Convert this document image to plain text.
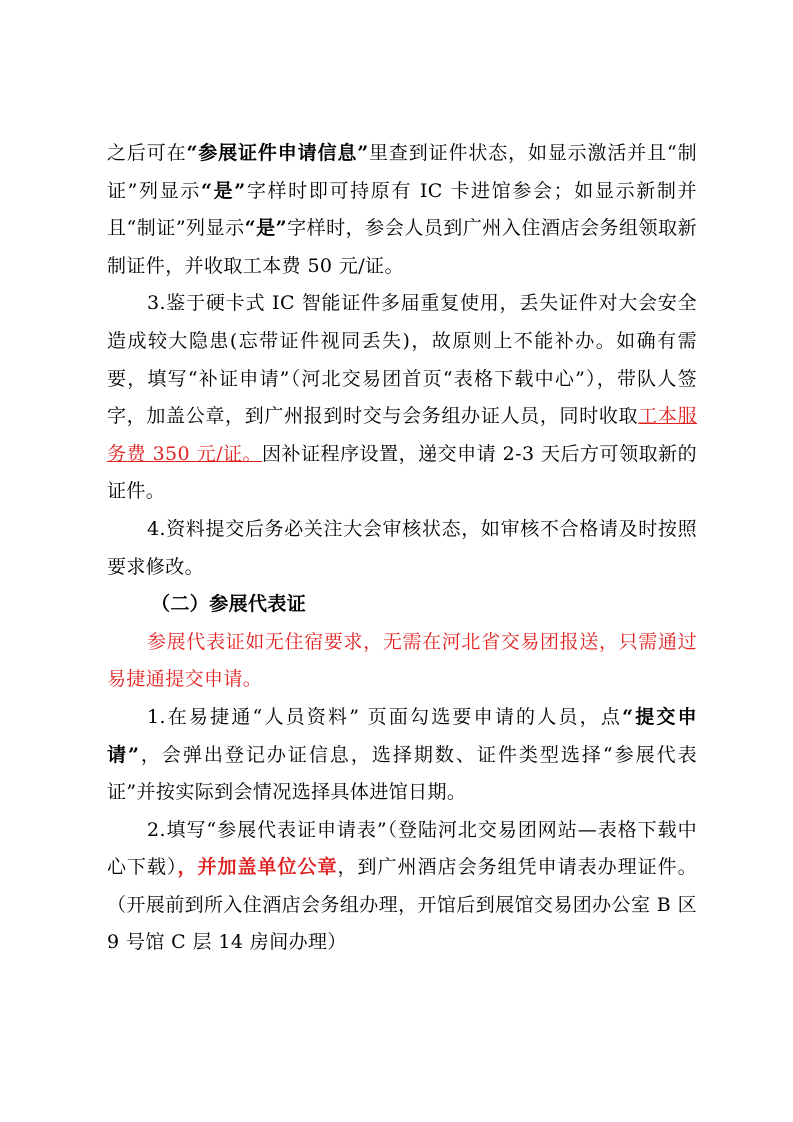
之后可在“参展证件申请信息”里查到证件状态，如显示激活并且“制证”列显示“是”字样时即可持原有 IC 卡进馆参会；如显示新制并且“制证”列显示“是”字样时，参会人员到广州入住酒店会务组领取新制证件，并收取工本费 50 元/证。

3.鉴于硬卡式 IC 智能证件多届重复使用，丢失证件对大会安全造成较大隐患(忘带证件视同丢失)，故原则上不能补办。如确有需要，填写“补证申请”（河北交易团首页“表格下载中心”），带队人签字，加盖公章，到广州报到时交与会务组办证人员，同时收取工本服务费 350 元/证。因补证程序设置，递交申请 2-3 天后方可领取新的证件。

4.资料提交后务必关注大会审核状态，如审核不合格请及时按照要求修改。

（二）参展代表证

参展代表证如无住宿要求，无需在河北省交易团报送，只需通过易捷通提交申请。

1.在易捷通“人员资料” 页面勾选要申请的人员，点“提交申请”，会弹出登记办证信息，选择期数、证件类型选择“参展代表证”并按实际到会情况选择具体进馆日期。

2.填写“参展代表证申请表”（登陆河北交易团网站—表格下载中心下载），并加盖单位公章，到广州酒店会务组凭申请表办理证件。（开展前到所入住酒店会务组办理，开馆后到展馆交易团办公室 B 区 9 号馆 C 层 14 房间办理）
